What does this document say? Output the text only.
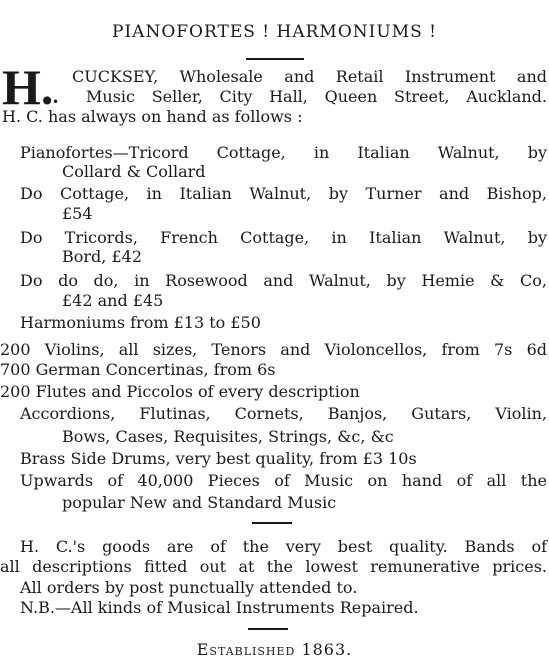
PIANOFORTES ! HARMONIUMS !
H.
•
CUCKSEY, Wholesale and Retail Instrument and
Music Seller, City Hall, Queen Street, Auckland.
H. C. has always on hand as follows :
Pianofortes—Tricord Cottage, in Italian Walnut, by
Collard & Collard
Do Cottage, in Italian Walnut, by Turner and Bishop,
£54
Do Tricords, French Cottage, in Italian Walnut, by
Bord, £42
Do do do, in Rosewood and Walnut, by Hemie & Co,
£42 and £45
Harmoniums from £13 to £50
200 Violins, all sizes, Tenors and Violoncellos, from 7s 6d
700 German Concertinas, from 6s
200 Flutes and Piccolos of every description
Accordions, Flutinas, Cornets, Banjos, Gutars, Violin,
Bows, Cases, Requisites, Strings, &c, &c
Brass Side Drums, very best quality, from £3 10s
Upwards of 40,000 Pieces of Music on hand of all the
popular New and Standard Music
H. C.'s goods are of the very best quality. Bands of
all descriptions fitted out at the lowest remunerative prices.
All orders by post punctually attended to.
N.B.—All kinds of Musical Instruments Repaired.
Established 1863.
